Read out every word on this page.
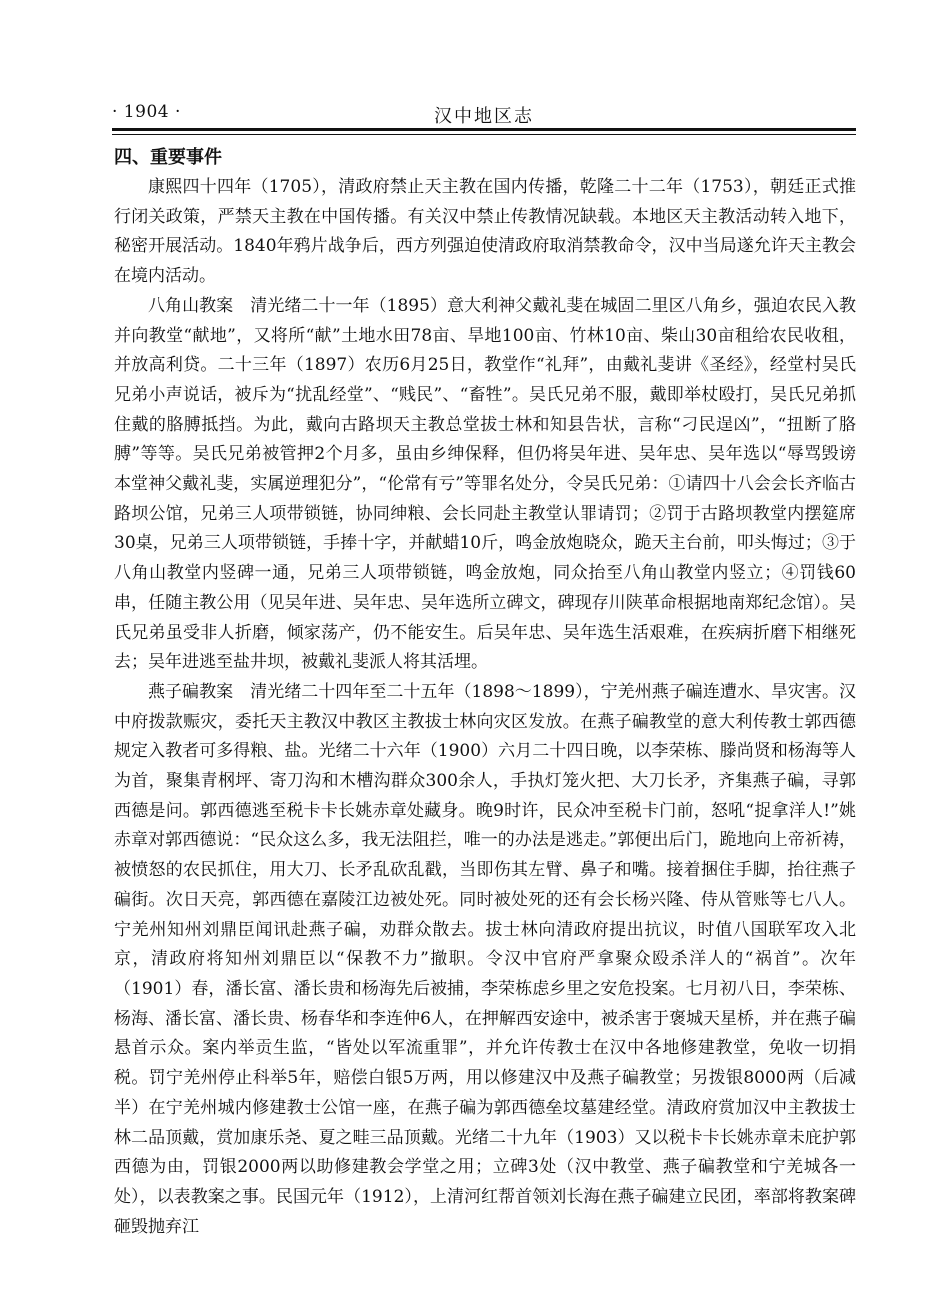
· 1904 ·	汉中地区志
四、重要事件

康熙四十四年（1705），清政府禁止天主教在国内传播，乾隆二十二年（1753），朝廷正式推行闭关政策，严禁天主教在中国传播。有关汉中禁止传教情况缺载。本地区天主教活动转入地下，秘密开展活动。1840年鸦片战争后，西方列强迫使清政府取消禁教命令，汉中当局遂允许天主教会在境内活动。

八角山教案　清光绪二十一年（1895）意大利神父戴礼斐在城固二里区八角乡，强迫农民入教并向教堂“献地”，又将所“献”土地水田78亩、旱地100亩、竹林10亩、柴山30亩租给农民收租，并放高利贷。二十三年（1897）农历6月25日，教堂作“礼拜”，由戴礼斐讲《圣经》，经堂村吴氏兄弟小声说话，被斥为“扰乱经堂”、“贱民”、“畜牲”。吴氏兄弟不服，戴即举杖殴打，吴氏兄弟抓住戴的胳膊抵挡。为此，戴向古路坝天主教总堂拔士林和知县告状，言称“刁民逞凶”，“扭断了胳膊”等等。吴氏兄弟被管押2个月多，虽由乡绅保释，但仍将吴年进、吴年忠、吴年选以“辱骂毁谤本堂神父戴礼斐，实属逆理犯分”，“伦常有亏”等罪名处分，令吴氏兄弟：①请四十八会会长齐临古路坝公馆，兄弟三人项带锁链，协同绅粮、会长同赴主教堂认罪请罚；②罚于古路坝教堂内摆筵席30桌，兄弟三人项带锁链，手捧十字，并献蜡10斤，鸣金放炮晓众，跪天主台前，叩头悔过；③于八角山教堂内竖碑一通，兄弟三人项带锁链，鸣金放炮，同众抬至八角山教堂内竖立；④罚钱60串，任随主教公用（见吴年进、吴年忠、吴年选所立碑文，碑现存川陕革命根据地南郑纪念馆）。吴氏兄弟虽受非人折磨，倾家荡产，仍不能安生。后吴年忠、吴年选生活艰难，在疾病折磨下相继死去；吴年进逃至盐井坝，被戴礼斐派人将其活埋。

燕子碥教案　清光绪二十四年至二十五年（1898～1899），宁羌州燕子碥连遭水、旱灾害。汉中府拨款赈灾，委托天主教汉中教区主教拔士林向灾区发放。在燕子碥教堂的意大利传教士郭西德规定入教者可多得粮、盐。光绪二十六年（1900）六月二十四日晚，以李荣栋、滕尚贤和杨海等人为首，聚集青㭎坪、寄刀沟和木槽沟群众300余人，手执灯笼火把、大刀长矛，齐集燕子碥，寻郭西德是问。郭西德逃至税卡卡长姚赤章处藏身。晚9时许，民众冲至税卡门前，怒吼“捉拿洋人!”姚赤章对郭西德说：“民众这么多，我无法阻拦，唯一的办法是逃走。”郭便出后门，跪地向上帝祈祷，被愤怒的农民抓住，用大刀、长矛乱砍乱戳，当即伤其左臂、鼻子和嘴。接着捆住手脚，抬往燕子碥街。次日天亮，郭西德在嘉陵江边被处死。同时被处死的还有会长杨兴隆、侍从管账等七八人。宁羌州知州刘鼎臣闻讯赴燕子碥，劝群众散去。拔士林向清政府提出抗议，时值八国联军攻入北京，清政府将知州刘鼎臣以“保教不力”撤职。令汉中官府严拿聚众殴杀洋人的“祸首”。次年（1901）春，潘长富、潘长贵和杨海先后被捕，李荣栋虑乡里之安危投案。七月初八日，李荣栋、杨海、潘长富、潘长贵、杨春华和李连仲6人，在押解西安途中，被杀害于褒城天星桥，并在燕子碥悬首示众。案内举贡生监，“皆处以军流重罪”，并允许传教士在汉中各地修建教堂，免收一切捐税。罚宁羌州停止科举5年，赔偿白银5万两，用以修建汉中及燕子碥教堂；另拨银8000两（后减半）在宁羌州城内修建教士公馆一座，在燕子碥为郭西德垒坟墓建经堂。清政府赏加汉中主教拔士林二品顶戴，赏加康乐尧、夏之畦三品顶戴。光绪二十九年（1903）又以税卡卡长姚赤章未庇护郭西德为由，罚银2000两以助修建教会学堂之用；立碑3处（汉中教堂、燕子碥教堂和宁羌城各一处），以表教案之事。民国元年（1912），上清河红帮首领刘长海在燕子碥建立民团，率部将教案碑砸毁抛弃江
